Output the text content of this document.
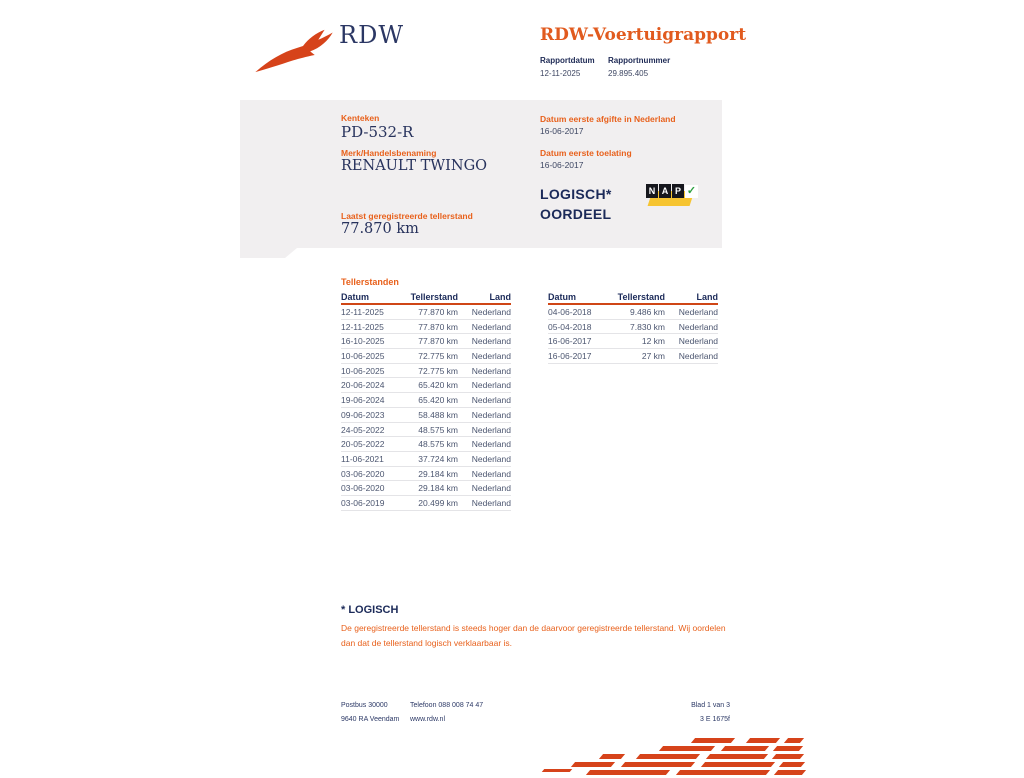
RDW	RDW-Voertuigrapport
Rapportdatum Rapportnummer
12-11-2025	29.895.405
Kenteken
PD-532-R
Merk/Handelsbenaming
RENAULT TWINGO
Laatst geregistreerde tellerstand
77.870 km
Datum eerste afgifte in Nederland
16-06-2017
Datum eerste toelating
16-06-2017
LOGISCH*
OORDEEL
N A P ✓
Tellerstanden
Datum	Tellerstand	Land
12-11-2025	77.870 km	Nederland
12-11-2025	77.870 km	Nederland
16-10-2025	77.870 km	Nederland
10-06-2025	72.775 km	Nederland
10-06-2025	72.775 km	Nederland
20-06-2024	65.420 km	Nederland
19-06-2024	65.420 km	Nederland
09-06-2023	58.488 km	Nederland
24-05-2022	48.575 km	Nederland
20-05-2022	48.575 km	Nederland
11-06-2021	37.724 km	Nederland
03-06-2020	29.184 km	Nederland
03-06-2020	29.184 km	Nederland
03-06-2019	20.499 km	Nederland
Datum	Tellerstand	Land
04-06-2018	9.486 km	Nederland
05-04-2018	7.830 km	Nederland
16-06-2017	12 km	Nederland
16-06-2017	27 km	Nederland
* LOGISCH
De geregistreerde tellerstand is steeds hoger dan de daarvoor geregistreerde tellerstand. Wij oordelen dan dat de tellerstand logisch verklaarbaar is.
Postbus 30000
9640 RA Veendam
Telefoon 088 008 74 47
www.rdw.nl
Blad 1 van 3
3 E 1675f
